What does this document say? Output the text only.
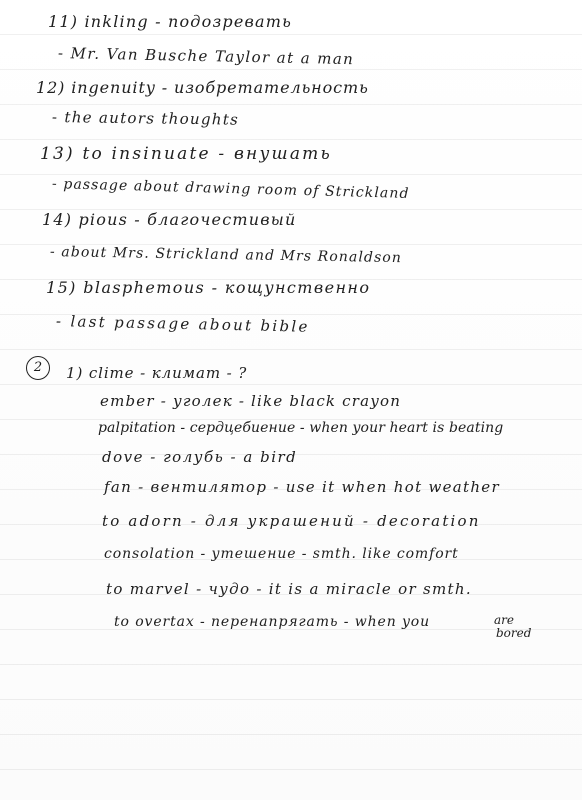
11) inkling - подозревать
- Mr. Van Busche Taylor at a man
12) ingenuity - изобретательность
- the autors thoughts
13) to insinuate - внушать
- passage about drawing room of Strickland
14) pious - благочестивый
- about Mrs. Strickland and Mrs Ronaldson
15) blasphemous - кощунственно
- last passage about bible
2	1) clime - климат - ?
ember - уголек - like black crayon
palpitation - сердцебиение - when your heart is beating
dove - голубь - a bird
fan - вентилятор - use it when hot weather
to adorn - для украшений - decoration
consolation - утешение - smth. like comfort
to marvel - чудо - it is a miracle or smth.
to overtax - перенапрягать - when you	are
bored
